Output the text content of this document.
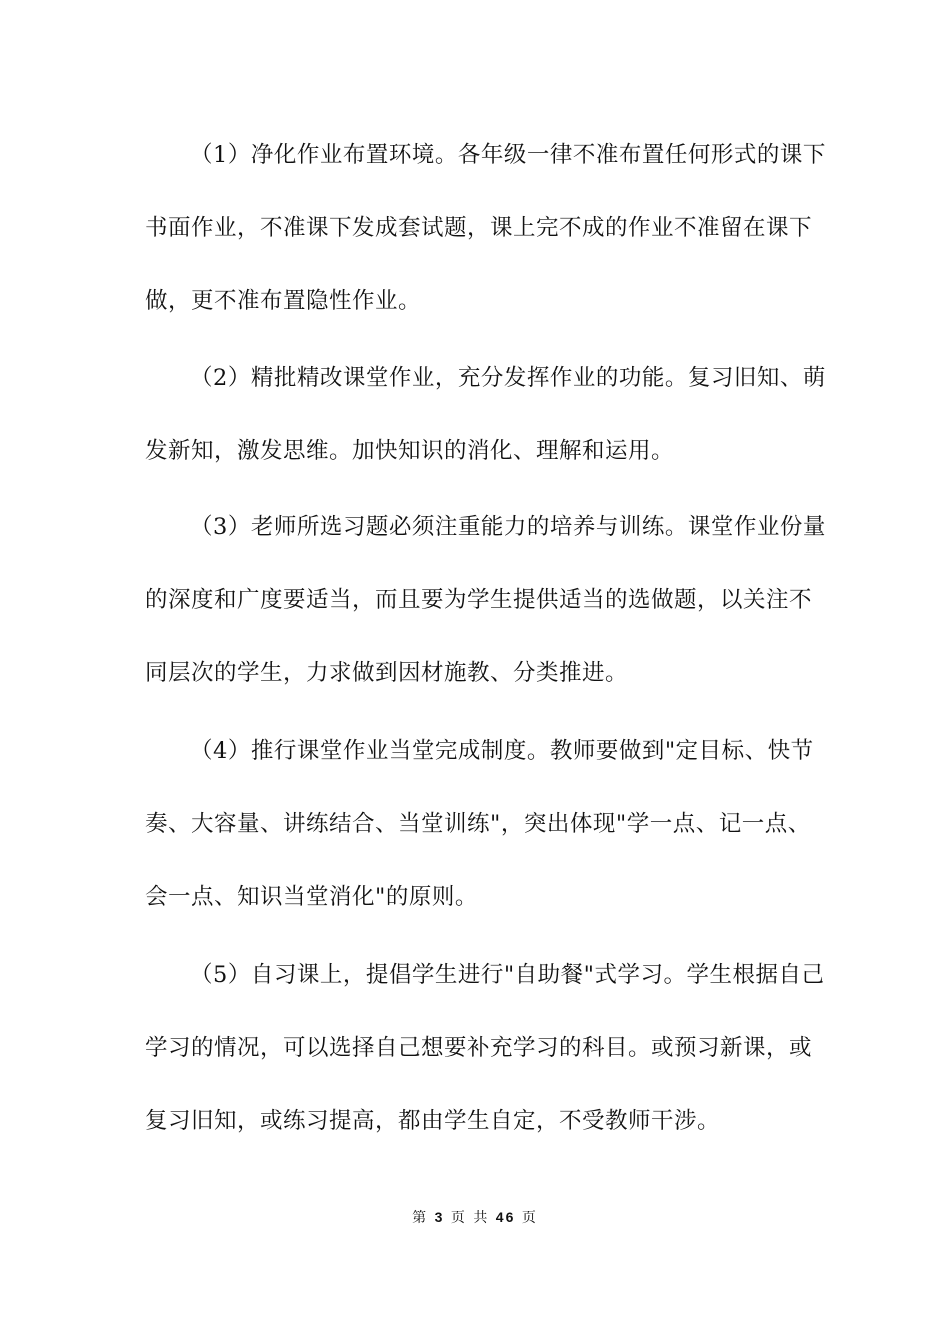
（1）净化作业布置环境。各年级一律不准布置任何形式的课下
书面作业，不准课下发成套试题，课上完不成的作业不准留在课下
做，更不准布置隐性作业。
（2）精批精改课堂作业，充分发挥作业的功能。复习旧知、萌
发新知，激发思维。加快知识的消化、理解和运用。
（3）老师所选习题必须注重能力的培养与训练。课堂作业份量
的深度和广度要适当，而且要为学生提供适当的选做题，以关注不
同层次的学生，力求做到因材施教、分类推进。
（4）推行课堂作业当堂完成制度。教师要做到"定目标、快节
奏、大容量、讲练结合、当堂训练"，突出体现"学一点、记一点、
会一点、知识当堂消化"的原则。
（5）自习课上，提倡学生进行"自助餐"式学习。学生根据自己
学习的情况，可以选择自己想要补充学习的科目。或预习新课，或
复习旧知，或练习提高，都由学生自定，不受教师干涉。
第 3 页 共 46 页
